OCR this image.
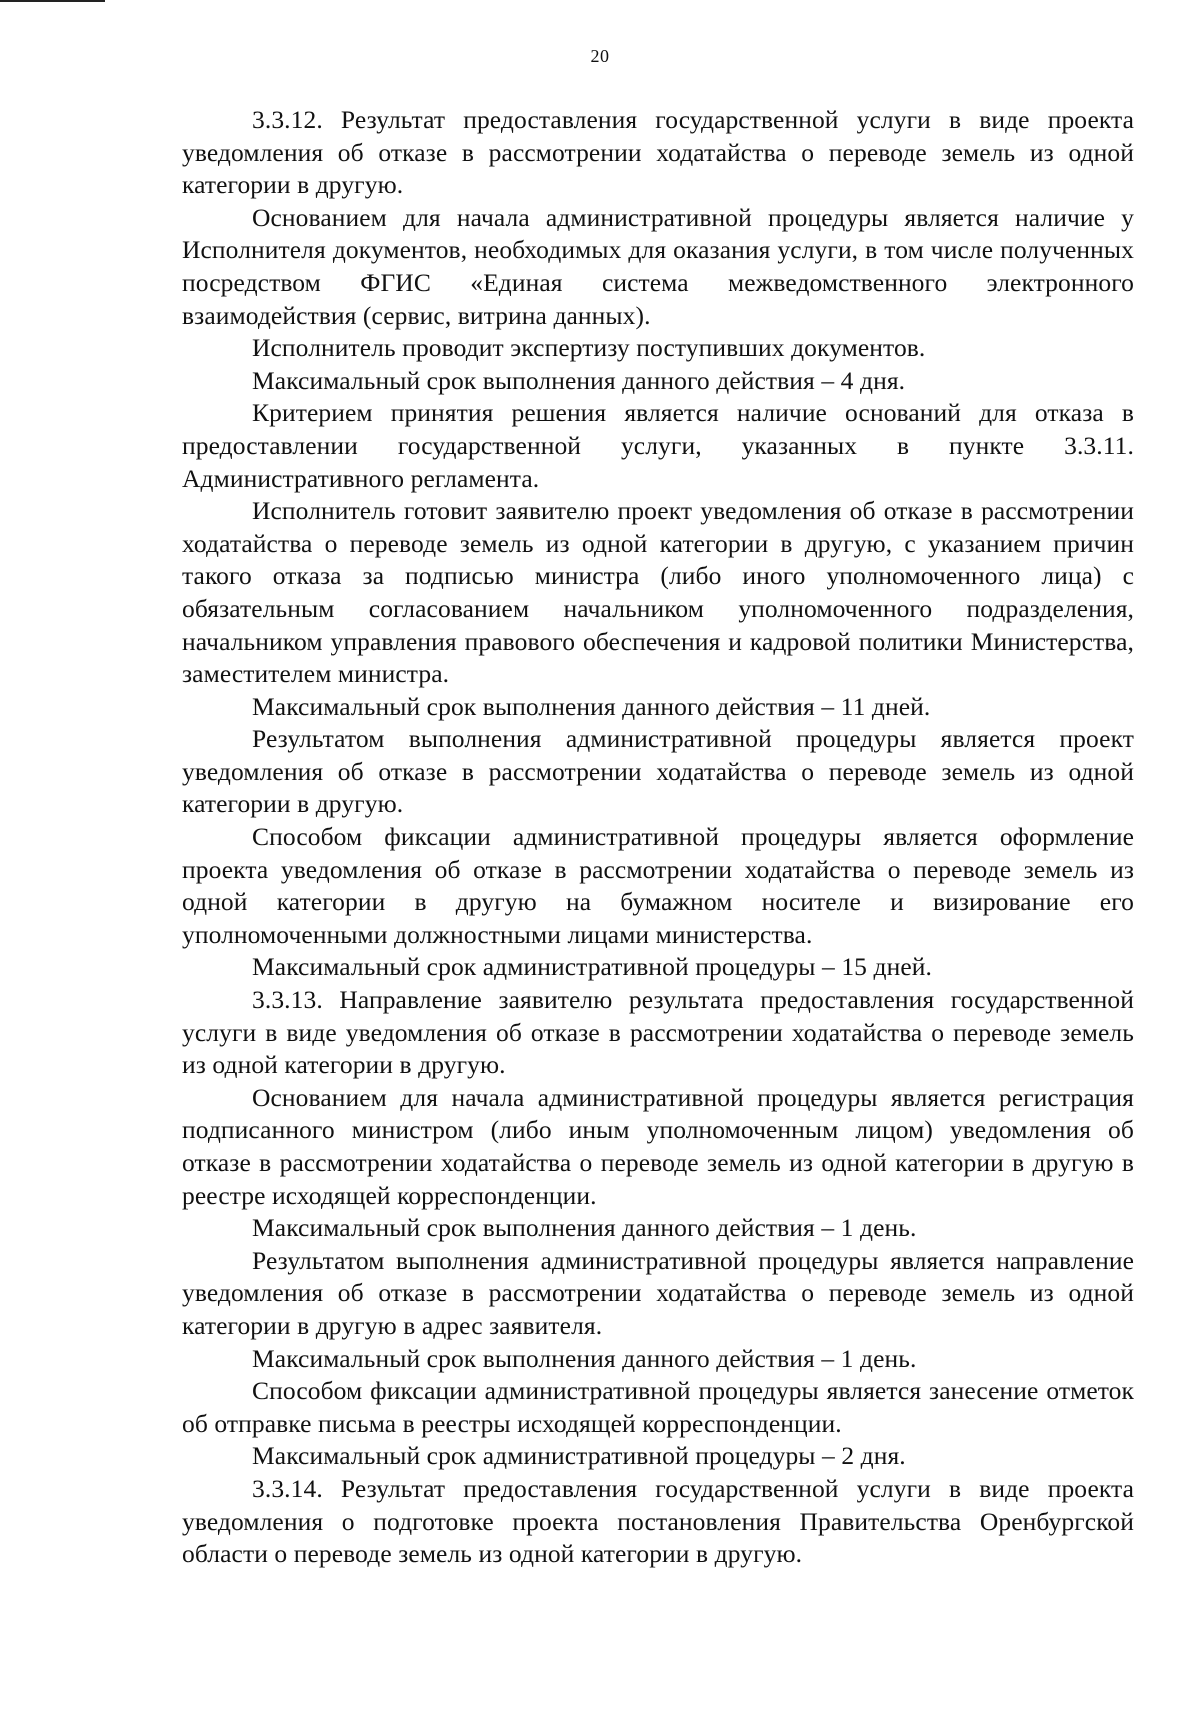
20

3.3.12. Результат предоставления государственной услуги в виде проекта уведомления об отказе в рассмотрении ходатайства о переводе земель из одной категории в другую.

Основанием для начала административной процедуры является наличие у Исполнителя документов, необходимых для оказания услуги, в том числе полученных посредством ФГИС «Единая система межведомственного электронного взаимодействия (сервис, витрина данных).

Исполнитель проводит экспертизу поступивших документов.

Максимальный срок выполнения данного действия – 4 дня.

Критерием принятия решения является наличие оснований для отказа в предоставлении государственной услуги, указанных в пункте 3.3.11. Административного регламента.

Исполнитель готовит заявителю проект уведомления об отказе в рассмотрении ходатайства о переводе земель из одной категории в другую, с указанием причин такого отказа за подписью министра (либо иного уполномоченного лица) с обязательным согласованием начальником уполномоченного подразделения, начальником управления правового обеспечения и кадровой политики Министерства, заместителем министра.

Максимальный срок выполнения данного действия – 11 дней.

Результатом выполнения административной процедуры является проект уведомления об отказе в рассмотрении ходатайства о переводе земель из одной категории в другую.

Способом фиксации административной процедуры является оформление проекта уведомления об отказе в рассмотрении ходатайства о переводе земель из одной категории в другую на бумажном носителе и визирование его уполномоченными должностными лицами министерства.

Максимальный срок административной процедуры – 15 дней.

3.3.13. Направление заявителю результата предоставления государственной услуги в виде уведомления об отказе в рассмотрении ходатайства о переводе земель из одной категории в другую.

Основанием для начала административной процедуры является регистрация подписанного министром (либо иным уполномоченным лицом) уведомления об отказе в рассмотрении ходатайства о переводе земель из одной категории в другую в реестре исходящей корреспонденции.

Максимальный срок выполнения данного действия – 1 день.

Результатом выполнения административной процедуры является направление уведомления об отказе в рассмотрении ходатайства о переводе земель из одной категории в другую в адрес заявителя.

Максимальный срок выполнения данного действия – 1 день.

Способом фиксации административной процедуры является занесение отметок об отправке письма в реестры исходящей корреспонденции.

Максимальный срок административной процедуры – 2 дня.

3.3.14. Результат предоставления государственной услуги в виде проекта уведомления о подготовке проекта постановления Правительства Оренбургской области о переводе земель из одной категории в другую.
